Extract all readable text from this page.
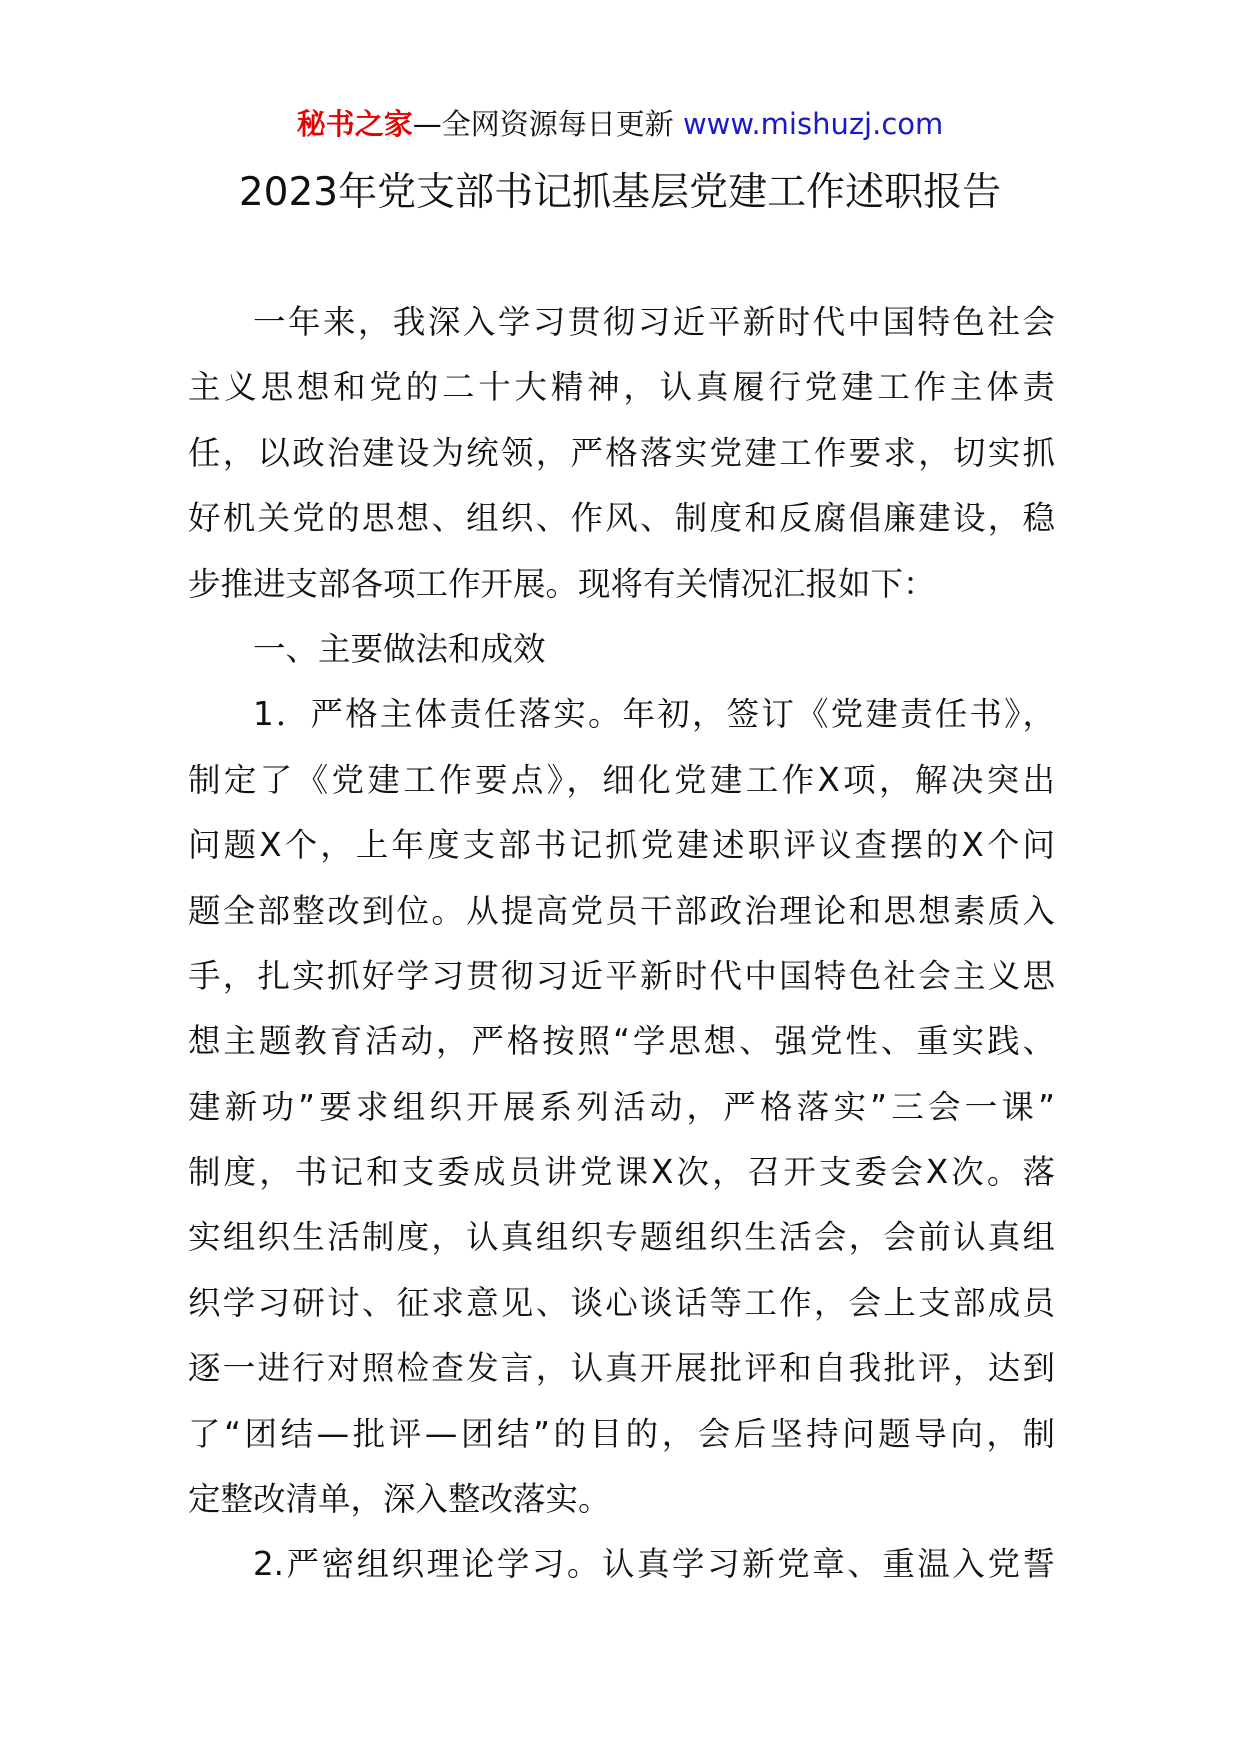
秘书之家—全网资源每日更新 www.mishuzj.com
2023年党支部书记抓基层党建工作述职报告
一年来，我深入学习贯彻习近平新时代中国特色社会
主义思想和党的二十大精神，认真履行党建工作主体责
任，以政治建设为统领，严格落实党建工作要求，切实抓
好机关党的思想、组织、作风、制度和反腐倡廉建设，稳
步推进支部各项工作开展。现将有关情况汇报如下：
一、主要做法和成效
1．严格主体责任落实。年初，签订《党建责任书》，
制定了《党建工作要点》，细化党建工作X项，解决突出
问题X个，上年度支部书记抓党建述职评议查摆的X个问
题全部整改到位。从提高党员干部政治理论和思想素质入
手，扎实抓好学习贯彻习近平新时代中国特色社会主义思
想主题教育活动，严格按照“学思想、强党性、重实践、
建新功”要求组织开展系列活动，严格落实”三会一课”
制度，书记和支委成员讲党课X次，召开支委会X次。落
实组织生活制度，认真组织专题组织生活会，会前认真组
织学习研讨、征求意见、谈心谈话等工作，会上支部成员
逐一进行对照检查发言，认真开展批评和自我批评，达到
了“团结—批评—团结”的目的，会后坚持问题导向，制
定整改清单，深入整改落实。
2.严密组织理论学习。认真学习新党章、重温入党誓
